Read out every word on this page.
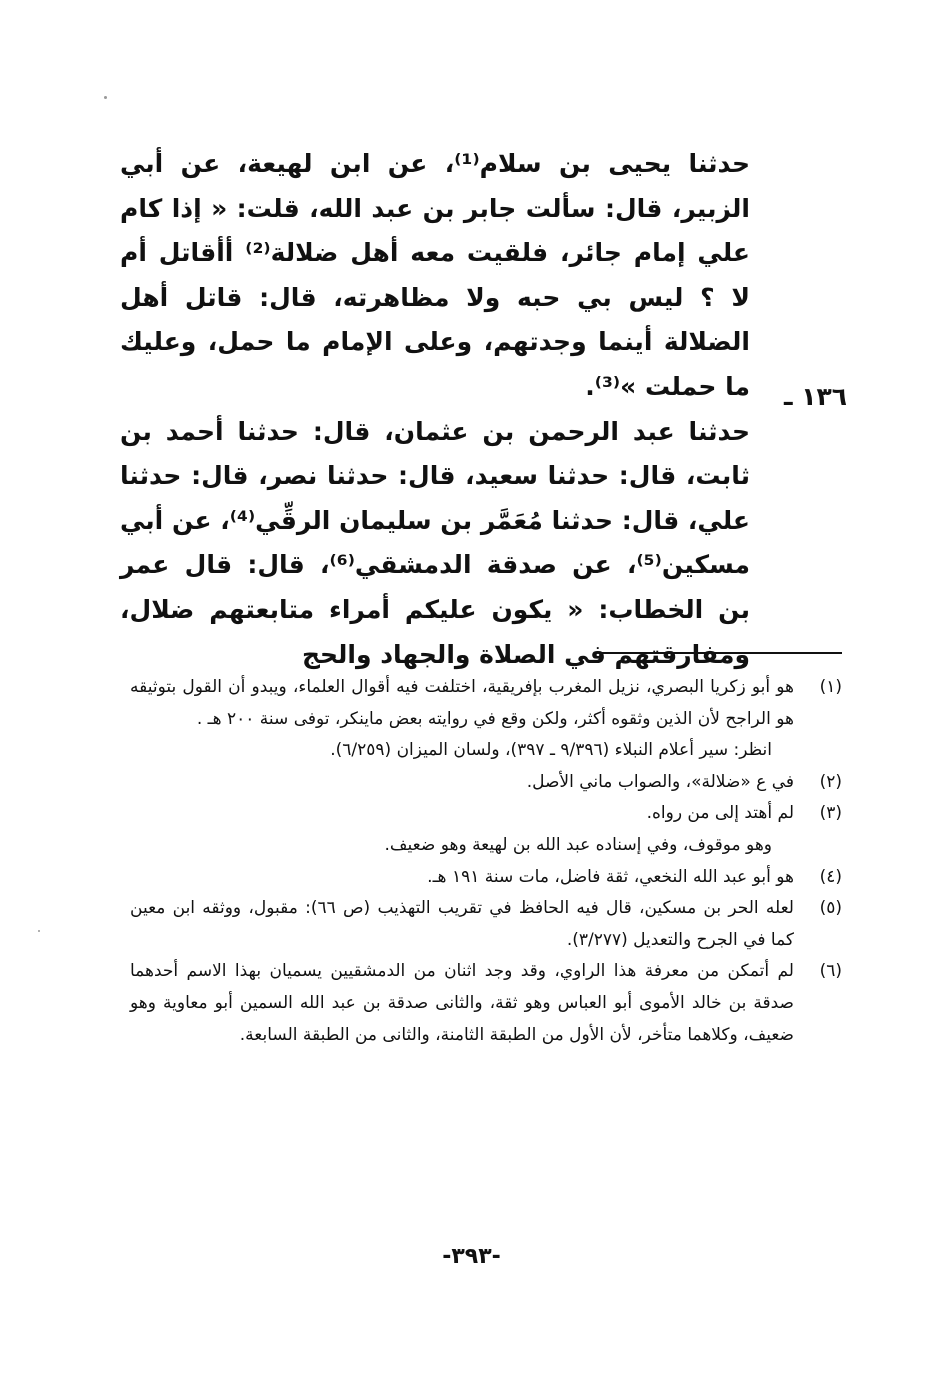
حدثنا يحيى بن سلام⁽¹⁾، عن ابن لهيعة، عن أبي الزبير، قال: سألت جابر بن عبد الله، قلت: « إذا كام علي إمام جائر، فلقيت معه أهل ضلالة⁽²⁾ أأقاتل أم لا ؟ ليس بي حبه ولا مظاهرته، قال: قاتل أهل الضلالة أينما وجدتهم، وعلى الإمام ما حمل، وعليك ما حملت »⁽³⁾.

حدثنا عبد الرحمن بن عثمان، قال: حدثنا أحمد بن ثابت، قال: حدثنا سعيد، قال: حدثنا نصر، قال: حدثنا علي، قال: حدثنا مُعَمَّر بن سليمان الرقِّي⁽⁴⁾، عن أبي مسكين⁽⁵⁾، عن صدقة الدمشقي⁽⁶⁾، قال: قال عمر بن الخطاب: « يكون عليكم أمراء متابعتهم ضلال، ومفارقتهم في الصلاة والجهاد والحج

١٣٦ ـ
(١)

هو أبو زكريا البصري، نزيل المغرب بإفريقية، اختلفت فيه أقوال العلماء، ويبدو أن القول بتوثيقه هو الراجح لأن الذين وثقوه أكثر، ولكن وقع في روايته بعض ماينكر، توفى سنة ٢٠٠ هـ .

انظر: سير أعلام النبلاء (٩/٣٩٦ ـ ٣٩٧)، ولسان الميزان (٦/٢٥٩).

(٢)

في ع «ضلالة»، والصواب ماني الأصل.

(٣)

لم أهتد إلى من رواه.

وهو موقوف، وفي إسناده عبد الله بن لهيعة وهو ضعيف.

(٤)

هو أبو عبد الله النخعي، ثقة فاضل، مات سنة ١٩١ هـ.

(٥)

لعله الحر بن مسكين، قال فيه الحافظ في تقريب التهذيب (ص ٦٦): مقبول، ووثقه ابن معين كما في الجرح والتعديل (٣/٢٧٧).

(٦)

لم أتمكن من معرفة هذا الراوي، وقد وجد اثنان من الدمشقيين يسميان بهذا الاسم أحدهما صدقة بن خالد الأموى أبو العباس وهو ثقة، والثانى صدقة بن عبد الله السمين أبو معاوية وهو ضعيف، وكلاهما متأخر، لأن الأول من الطبقة الثامنة، والثانى من الطبقة السابعة.

-٣٩٣-
